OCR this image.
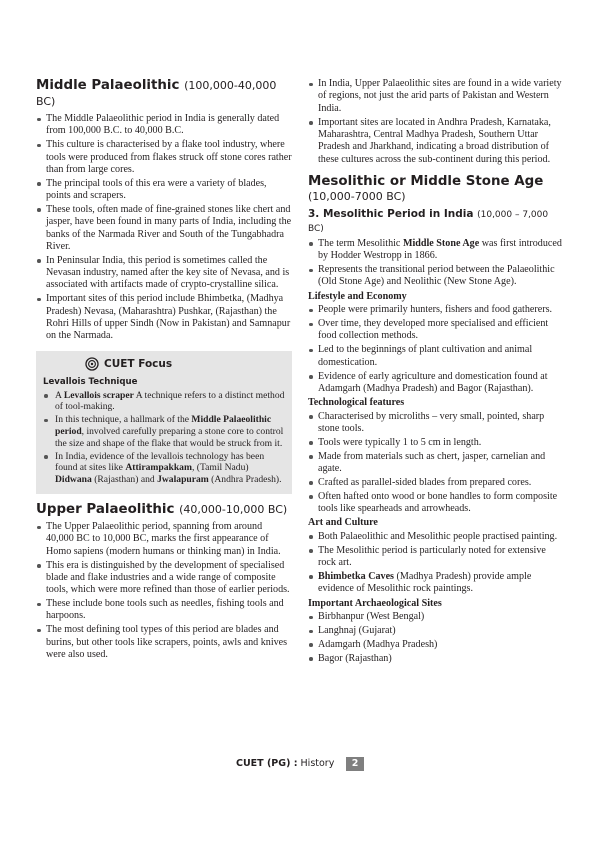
Middle Palaeolithic (100,000-40,000 BC)
The Middle Palaeolithic period in India is generally dated from 100,000 B.C. to 40,000 B.C.
This culture is characterised by a flake tool industry, where tools were produced from flakes struck off stone cores rather than from large cores.
The principal tools of this era were a variety of blades, points and scrapers.
These tools, often made of fine-grained stones like chert and jasper, have been found in many parts of India, including the banks of the Narmada River and South of the Tungabhadra River.
In Peninsular India, this period is sometimes called the Nevasan industry, named after the key site of Nevasa, and is associated with artifacts made of crypto-crystalline silica.
Important sites of this period include Bhimbetka, (Madhya Pradesh) Nevasa, (Maharashtra) Pushkar, (Rajasthan) the Rohri Hills of upper Sindh (Now in Pakistan) and Samnapur on the Narmada.
CUET Focus
Levallois Technique
A Levallois scraper A technique refers to a distinct method of tool-making.
In this technique, a hallmark of the Middle Palaeolithic period, involved carefully preparing a stone core to control the size and shape of the flake that would be struck from it.
In India, evidence of the levallois technology has been found at sites like Attirampakkam, (Tamil Nadu) Didwana (Rajasthan) and Jwalapuram (Andhra Pradesh).
Upper Palaeolithic (40,000-10,000 BC)
The Upper Palaeolithic period, spanning from around 40,000 BC to 10,000 BC, marks the first appearance of Homo sapiens (modern humans or thinking man) in India.
This era is distinguished by the development of specialised blade and flake industries and a wide range of composite tools, which were more refined than those of earlier periods.
These include bone tools such as needles, fishing tools and harpoons.
The most defining tool types of this period are blades and burins, but other tools like scrapers, points, awls and knives were also used.
In India, Upper Palaeolithic sites are found in a wide variety of regions, not just the arid parts of Pakistan and Western India.
Important sites are located in Andhra Pradesh, Karnataka, Maharashtra, Central Madhya Pradesh, Southern Uttar Pradesh and Jharkhand, indicating a broad distribution of these cultures across the sub-continent during this period.
Mesolithic or Middle Stone Age
(10,000-7000 BC)
3. Mesolithic Period in India (10,000 – 7,000 BC)
The term Mesolithic Middle Stone Age was first introduced by Hodder Westropp in 1866.
Represents the transitional period between the Palaeolithic (Old Stone Age) and Neolithic (New Stone Age).
Lifestyle and Economy
People were primarily hunters, fishers and food gatherers.
Over time, they developed more specialised and efficient food collection methods.
Led to the beginnings of plant cultivation and animal domestication.
Evidence of early agriculture and domestication found at Adamgarh (Madhya Pradesh) and Bagor (Rajasthan).
Technological features
Characterised by microliths – very small, pointed, sharp stone tools.
Tools were typically 1 to 5 cm in length.
Made from materials such as chert, jasper, carnelian and agate.
Crafted as parallel-sided blades from prepared cores.
Often hafted onto wood or bone handles to form composite tools like spearheads and arrowheads.
Art and Culture
Both Palaeolithic and Mesolithic people practised painting.
The Mesolithic period is particularly noted for extensive rock art.
Bhimbetka Caves (Madhya Pradesh) provide ample evidence of Mesolithic rock paintings.
Important Archaeological Sites
Birbhanpur (West Bengal)
Langhnaj (Gujarat)
Adamgarh (Madhya Pradesh)
Bagor (Rajasthan)
CUET (PG) : History	2
